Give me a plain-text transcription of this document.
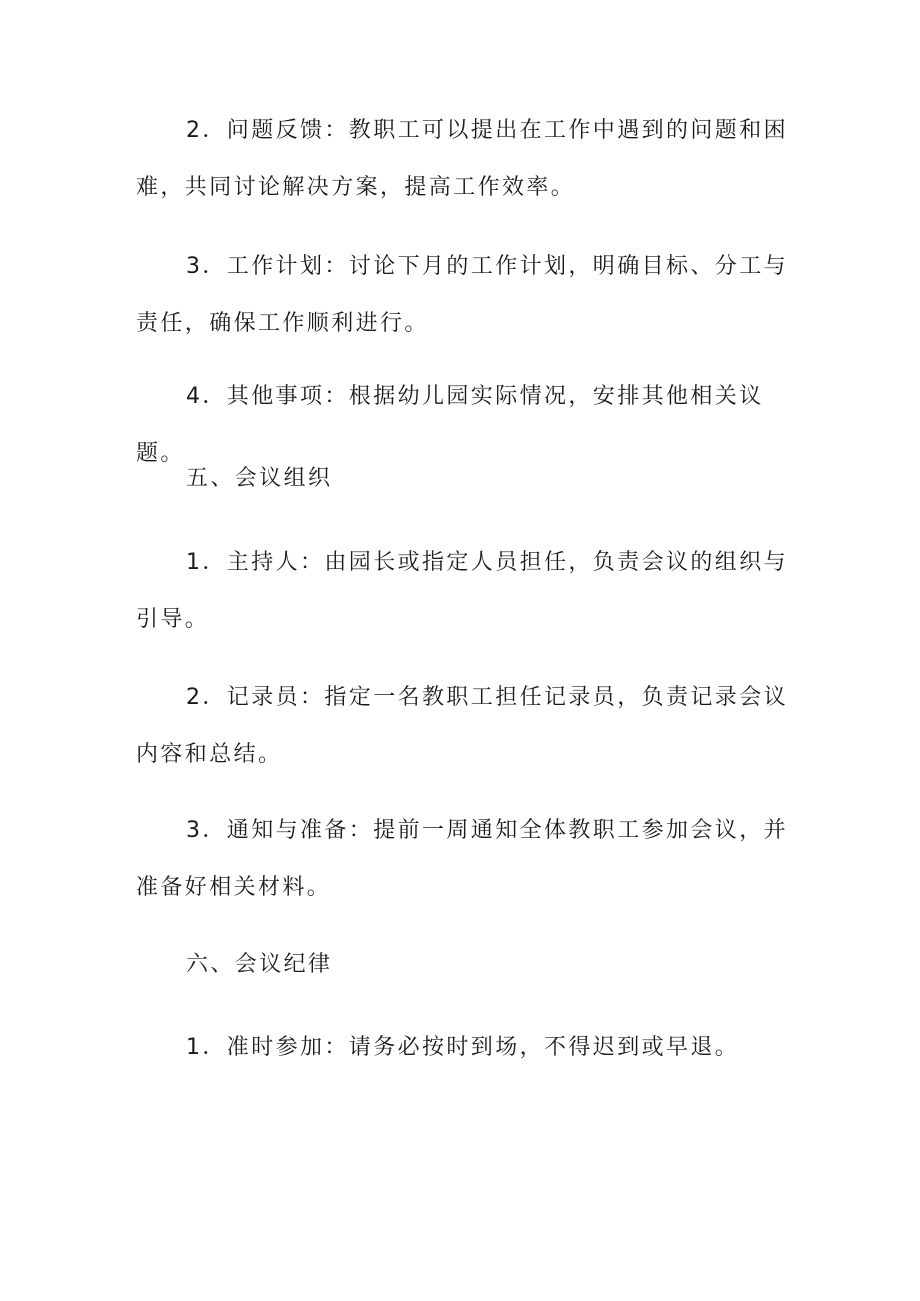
2．问题反馈：教职工可以提出在工作中遇到的问题和困难，共同讨论解决方案，提高工作效率。

3．工作计划：讨论下月的工作计划，明确目标、分工与责任，确保工作顺利进行。

4．其他事项：根据幼儿园实际情况，安排其他相关议题。

五、会议组织

1．主持人：由园长或指定人员担任，负责会议的组织与引导。

2．记录员：指定一名教职工担任记录员，负责记录会议内容和总结。

3．通知与准备：提前一周通知全体教职工参加会议，并准备好相关材料。

六、会议纪律

1．准时参加：请务必按时到场，不得迟到或早退。
